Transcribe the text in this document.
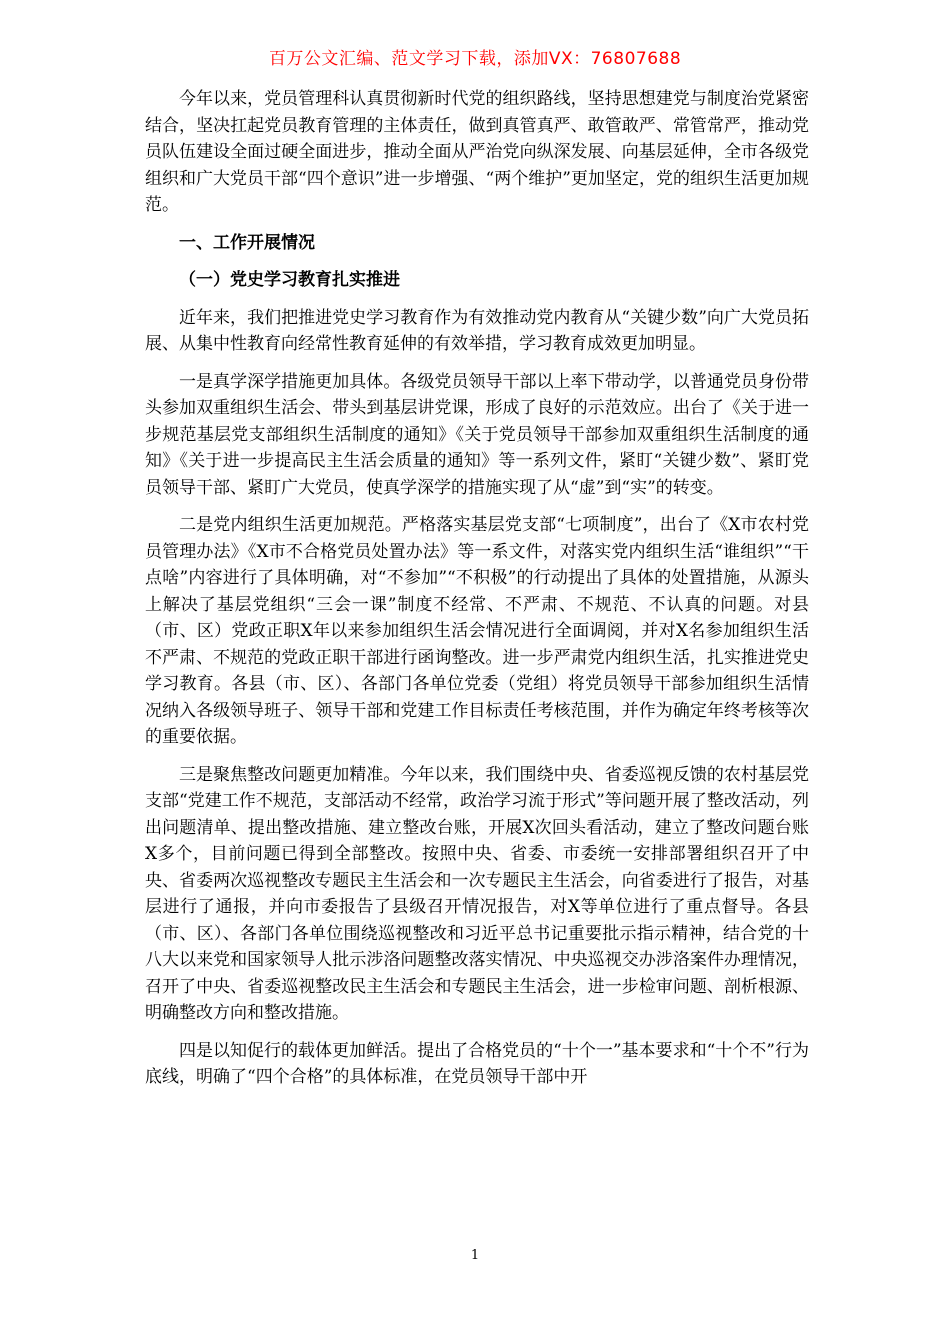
百万公文汇编、范文学习下载，添加VX：76807688

今年以来，党员管理科认真贯彻新时代党的组织路线，坚持思想建党与制度治党紧密结合，坚决扛起党员教育管理的主体责任，做到真管真严、敢管敢严、常管常严，推动党员队伍建设全面过硬全面进步，推动全面从严治党向纵深发展、向基层延伸，全市各级党组织和广大党员干部“四个意识”进一步增强、“两个维护”更加坚定，党的组织生活更加规范。

一、工作开展情况

（一）党史学习教育扎实推进

近年来，我们把推进党史学习教育作为有效推动党内教育从“关键少数”向广大党员拓展、从集中性教育向经常性教育延伸的有效举措，学习教育成效更加明显。

一是真学深学措施更加具体。各级党员领导干部以上率下带动学，以普通党员身份带头参加双重组织生活会、带头到基层讲党课，形成了良好的示范效应。出台了《关于进一步规范基层党支部组织生活制度的通知》《关于党员领导干部参加双重组织生活制度的通知》《关于进一步提高民主生活会质量的通知》等一系列文件，紧盯“关键少数”、紧盯党员领导干部、紧盯广大党员，使真学深学的措施实现了从“虚”到“实”的转变。

二是党内组织生活更加规范。严格落实基层党支部“七项制度”，出台了《X市农村党员管理办法》《X市不合格党员处置办法》等一系文件，对落实党内组织生活“谁组织”“干点啥”内容进行了具体明确，对“不参加”“不积极”的行动提出了具体的处置措施，从源头上解决了基层党组织“三会一课”制度不经常、不严肃、不规范、不认真的问题。对县（市、区）党政正职X年以来参加组织生活会情况进行全面调阅，并对X名参加组织生活不严肃、不规范的党政正职干部进行函询整改。进一步严肃党内组织生活，扎实推进党史学习教育。各县（市、区）、各部门各单位党委（党组）将党员领导干部参加组织生活情况纳入各级领导班子、领导干部和党建工作目标责任考核范围，并作为确定年终考核等次的重要依据。

三是聚焦整改问题更加精准。今年以来，我们围绕中央、省委巡视反馈的农村基层党支部“党建工作不规范，支部活动不经常，政治学习流于形式”等问题开展了整改活动，列出问题清单、提出整改措施、建立整改台账，开展X次回头看活动，建立了整改问题台账X多个，目前问题已得到全部整改。按照中央、省委、市委统一安排部署组织召开了中央、省委两次巡视整改专题民主生活会和一次专题民主生活会，向省委进行了报告，对基层进行了通报，并向市委报告了县级召开情况报告，对X等单位进行了重点督导。各县（市、区）、各部门各单位围绕巡视整改和习近平总书记重要批示指示精神，结合党的十八大以来党和国家领导人批示涉洛问题整改落实情况、中央巡视交办涉洛案件办理情况，召开了中央、省委巡视整改民主生活会和专题民主生活会，进一步检审问题、剖析根源、明确整改方向和整改措施。

四是以知促行的载体更加鲜活。提出了合格党员的“十个一”基本要求和“十个不”行为底线，明确了“四个合格”的具体标准，在党员领导干部中开

1
